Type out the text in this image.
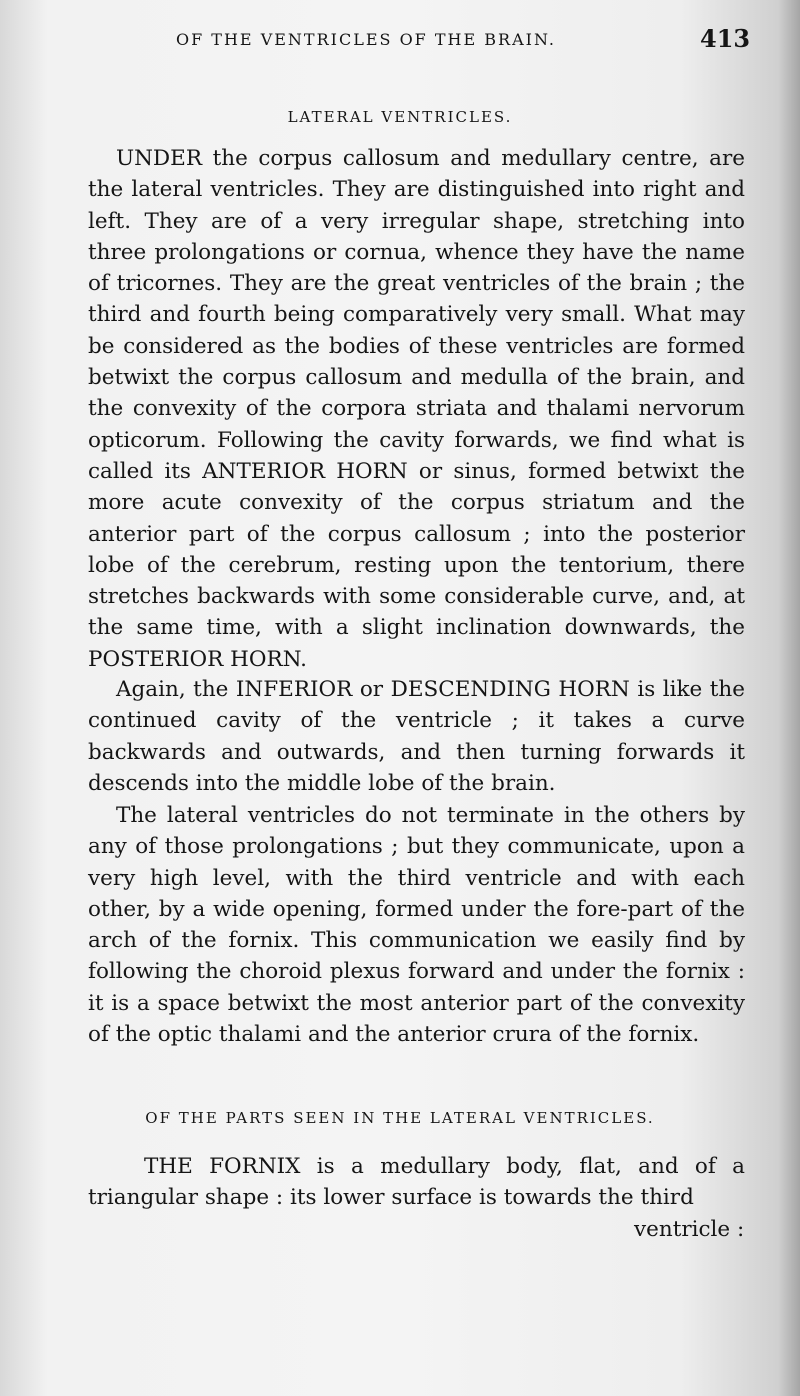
OF THE VENTRICLES OF THE BRAIN.	413
LATERAL VENTRICLES.
UNDER the corpus callosum and medullary centre, are the lateral ventricles. They are distinguished into right and left. They are of a very irregular shape, stretching into three prolongations or cornua, whence they have the name of tricornes. They are the great ventricles of the brain ; the third and fourth being comparatively very small. What may be considered as the bodies of these ventricles are formed betwixt the corpus callosum and medulla of the brain, and the convexity of the corpora striata and thalami nervorum opticorum. Following the cavity forwards, we find what is called its ANTERIOR HORN or sinus, formed betwixt the more acute convexity of the corpus striatum and the anterior part of the corpus callosum ; into the posterior lobe of the cerebrum, resting upon the tentorium, there stretches backwards with some considerable curve, and, at the same time, with a slight inclination downwards, the POSTERIOR HORN.
Again, the INFERIOR or DESCENDING HORN is like the continued cavity of the ventricle ; it takes a curve backwards and outwards, and then turning forwards it descends into the middle lobe of the brain.
The lateral ventricles do not terminate in the others by any of those prolongations ; but they communicate, upon a very high level, with the third ventricle and with each other, by a wide opening, formed under the fore-part of the arch of the fornix. This communication we easily find by following the choroid plexus forward and under the fornix : it is a space betwixt the most anterior part of the convexity of the optic thalami and the anterior crura of the fornix.
OF THE PARTS SEEN IN THE LATERAL VENTRICLES.
THE FORNIX is a medullary body, flat, and of a triangular shape : its lower surface is towards the third
ventricle :
